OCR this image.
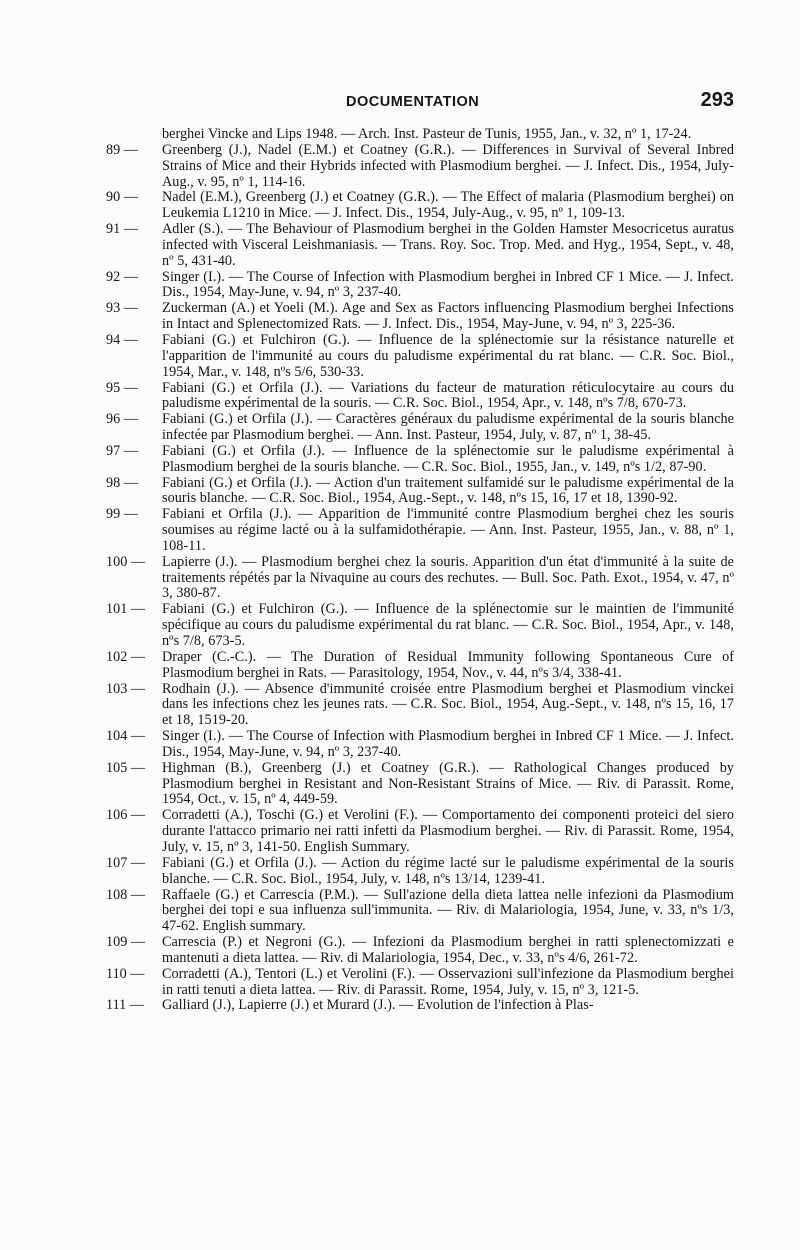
DOCUMENTATION	293

berghei Vincke and Lips 1948. — Arch. Inst. Pasteur de Tunis, 1955, Jan., v. 32, nº 1, 17-24.

89 —	Greenberg (J.), Nadel (E.M.) et Coatney (G.R.). — Differences in Survival of Several Inbred Strains of Mice and their Hybrids infected with Plasmodium berghei. — J. Infect. Dis., 1954, July-Aug., v. 95, nº 1, 114-16.

90 —	Nadel (E.M.), Greenberg (J.) et Coatney (G.R.). — The Effect of malaria (Plasmodium berghei) on Leukemia L1210 in Mice. — J. Infect. Dis., 1954, July-Aug., v. 95, nº 1, 109-13.

91 —	Adler (S.). — The Behaviour of Plasmodium berghei in the Golden Hamster Mesocricetus auratus infected with Visceral Leishmaniasis. — Trans. Roy. Soc. Trop. Med. and Hyg., 1954, Sept., v. 48, nº 5, 431-40.

92 —	Singer (I.). — The Course of Infection with Plasmodium berghei in Inbred CF 1 Mice. — J. Infect. Dis., 1954, May-June, v. 94, nº 3, 237-40.

93 —	Zuckerman (A.) et Yoeli (M.). Age and Sex as Factors influencing Plasmodium berghei Infections in Intact and Splenectomized Rats. — J. Infect. Dis., 1954, May-June, v. 94, nº 3, 225-36.

94 —	Fabiani (G.) et Fulchiron (G.). — Influence de la splénectomie sur la résistance naturelle et l'apparition de l'immunité au cours du paludisme expérimental du rat blanc. — C.R. Soc. Biol., 1954, Mar., v. 148, nºs 5/6, 530-33.

95 —	Fabiani (G.) et Orfila (J.). — Variations du facteur de maturation réticulocytaire au cours du paludisme expérimental de la souris. — C.R. Soc. Biol., 1954, Apr., v. 148, nºs 7/8, 670-73.

96 —	Fabiani (G.) et Orfila (J.). — Caractères généraux du paludisme expérimental de la souris blanche infectée par Plasmodium berghei. — Ann. Inst. Pasteur, 1954, July, v. 87, nº 1, 38-45.

97 —	Fabiani (G.) et Orfila (J.). — Influence de la splénectomie sur le paludisme expérimental à Plasmodium berghei de la souris blanche. — C.R. Soc. Biol., 1955, Jan., v. 149, nºs 1/2, 87-90.

98 —	Fabiani (G.) et Orfila (J.). — Action d'un traitement sulfamidé sur le paludisme expérimental de la souris blanche. — C.R. Soc. Biol., 1954, Aug.-Sept., v. 148, nºs 15, 16, 17 et 18, 1390-92.

99 —	Fabiani et Orfila (J.). — Apparition de l'immunité contre Plasmodium berghei chez les souris soumises au régime lacté ou à la sulfamidothérapie. — Ann. Inst. Pasteur, 1955, Jan., v. 88, nº 1, 108-11.

100 —	Lapierre (J.). — Plasmodium berghei chez la souris. Apparition d'un état d'immunité à la suite de traitements répétés par la Nivaquine au cours des rechutes. — Bull. Soc. Path. Exot., 1954, v. 47, nº 3, 380-87.

101 —	Fabiani (G.) et Fulchiron (G.). — Influence de la splénectomie sur le maintien de l'immunité spécifique au cours du paludisme expérimental du rat blanc. — C.R. Soc. Biol., 1954, Apr., v. 148, nºs 7/8, 673-5.

102 —	Draper (C.-C.). — The Duration of Residual Immunity following Spontaneous Cure of Plasmodium berghei in Rats. — Parasitology, 1954, Nov., v. 44, nºs 3/4, 338-41.

103 —	Rodhain (J.). — Absence d'immunité croisée entre Plasmodium berghei et Plasmodium vinckei dans les infections chez les jeunes rats. — C.R. Soc. Biol., 1954, Aug.-Sept., v. 148, nºs 15, 16, 17 et 18, 1519-20.

104 —	Singer (I.). — The Course of Infection with Plasmodium berghei in Inbred CF 1 Mice. — J. Infect. Dis., 1954, May-June, v. 94, nº 3, 237-40.

105 —	Highman (B.), Greenberg (J.) et Coatney (G.R.). — Rathological Changes produced by Plasmodium berghei in Resistant and Non-Resistant Strains of Mice. — Riv. di Parassit. Rome, 1954, Oct., v. 15, nº 4, 449-59.

106 —	Corradetti (A.), Toschi (G.) et Verolini (F.). — Comportamento dei componenti proteici del siero durante l'attacco primario nei ratti infetti da Plasmodium berghei. — Riv. di Parassit. Rome, 1954, July, v. 15, nº 3, 141-50. English Summary.

107 —	Fabiani (G.) et Orfila (J.). — Action du régime lacté sur le paludisme expérimental de la souris blanche. — C.R. Soc. Biol., 1954, July, v. 148, nºs 13/14, 1239-41.

108 —	Raffaele (G.) et Carrescia (P.M.). — Sull'azione della dieta lattea nelle infezioni da Plasmodium berghei dei topi e sua influenza sull'immunita. — Riv. di Malariologia, 1954, June, v. 33, nºs 1/3, 47-62. English summary.

109 —	Carrescia (P.) et Negroni (G.). — Infezioni da Plasmodium berghei in ratti splenectomizzati e mantenuti a dieta lattea. — Riv. di Malariologia, 1954, Dec., v. 33, nºs 4/6, 261-72.

110 —	Corradetti (A.), Tentori (L.) et Verolini (F.). — Osservazioni sull'infezione da Plasmodium berghei in ratti tenuti a dieta lattea. — Riv. di Parassit. Rome, 1954, July, v. 15, nº 3, 121-5.

111 —	Galliard (J.), Lapierre (J.) et Murard (J.). — Evolution de l'infection à Plas-
